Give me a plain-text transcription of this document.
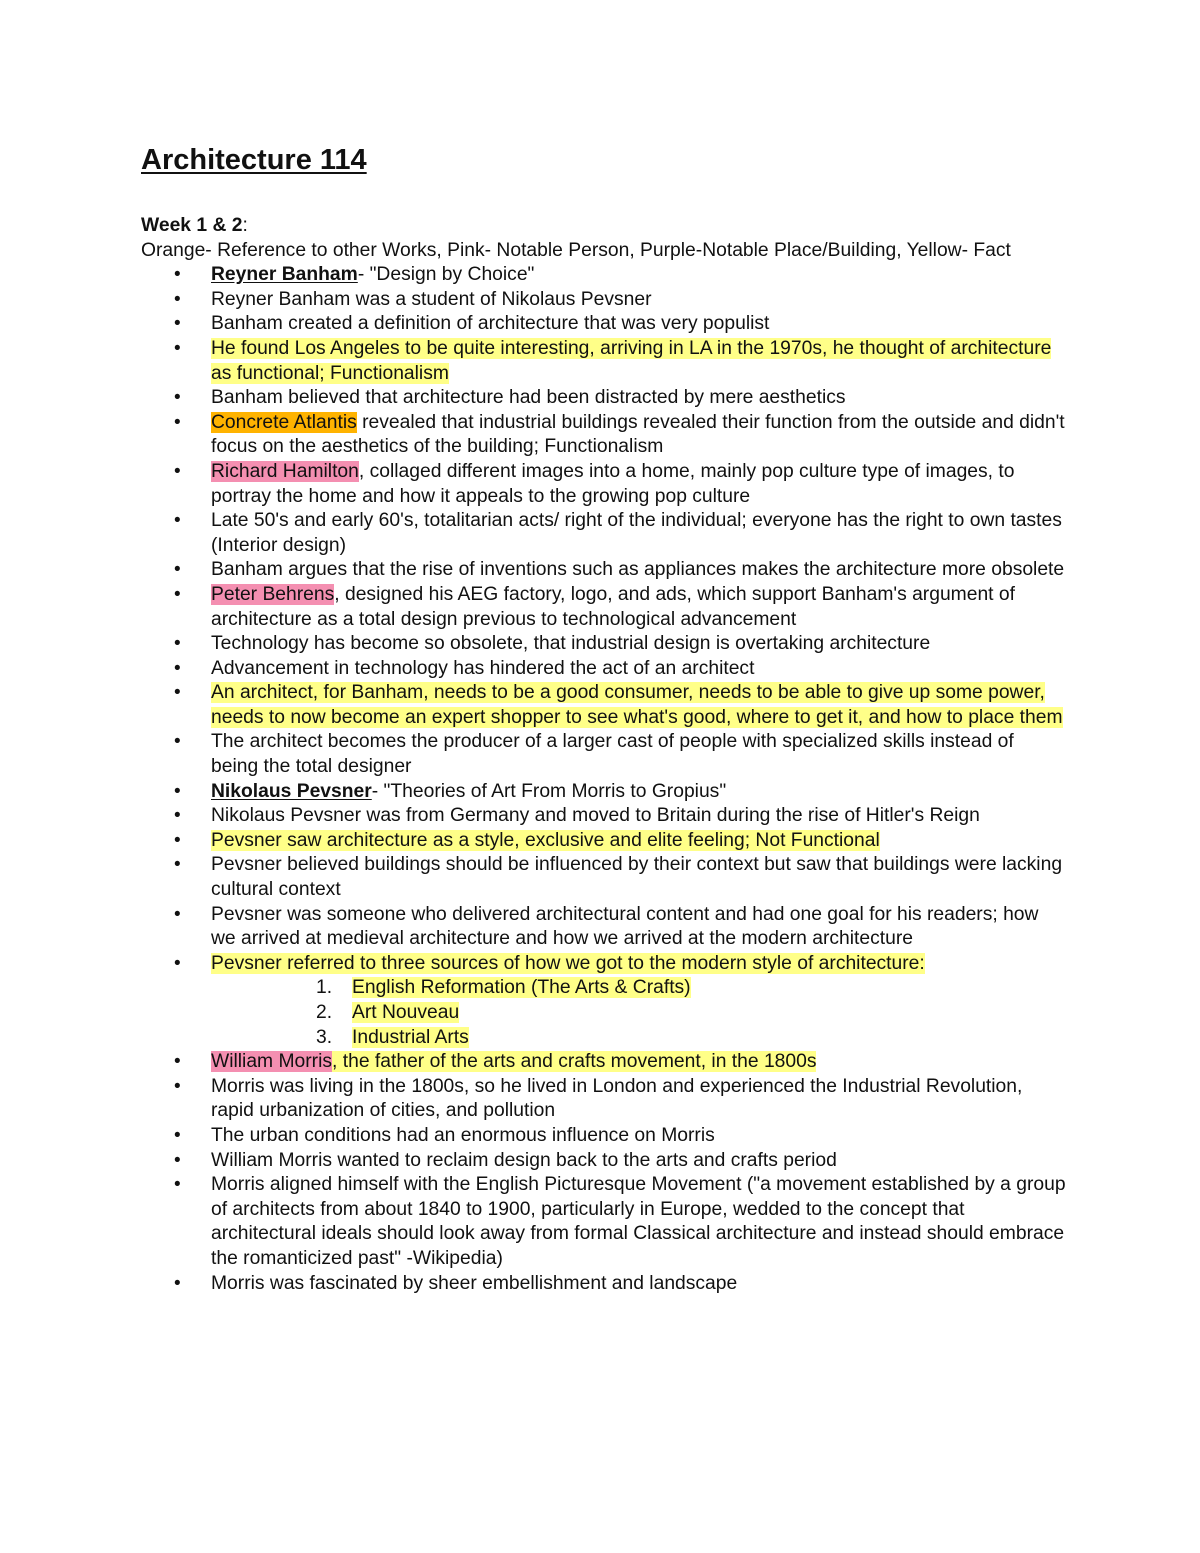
Architecture 114
Week 1 & 2:
Orange- Reference to other Works, Pink- Notable Person, Purple-Notable Place/Building, Yellow- Fact
• Reyner Banham- "Design by Choice"
• Reyner Banham was a student of Nikolaus Pevsner
• Banham created a definition of architecture that was very populist
• He found Los Angeles to be quite interesting, arriving in LA in the 1970s, he thought of architecture as functional; Functionalism
• Banham believed that architecture had been distracted by mere aesthetics
• Concrete Atlantis revealed that industrial buildings revealed their function from the outside and didn't focus on the aesthetics of the building; Functionalism
• Richard Hamilton, collaged different images into a home, mainly pop culture type of images, to portray the home and how it appeals to the growing pop culture
• Late 50's and early 60's, totalitarian acts/ right of the individual; everyone has the right to own tastes (Interior design)
• Banham argues that the rise of inventions such as appliances makes the architecture more obsolete
• Peter Behrens, designed his AEG factory, logo, and ads, which support Banham's argument of architecture as a total design previous to technological advancement
• Technology has become so obsolete, that industrial design is overtaking architecture
• Advancement in technology has hindered the act of an architect
• An architect, for Banham, needs to be a good consumer, needs to be able to give up some power, needs to now become an expert shopper to see what's good, where to get it, and how to place them
• The architect becomes the producer of a larger cast of people with specialized skills instead of being the total designer
• Nikolaus Pevsner- "Theories of Art From Morris to Gropius"
• Nikolaus Pevsner was from Germany and moved to Britain during the rise of Hitler's Reign
• Pevsner saw architecture as a style, exclusive and elite feeling; Not Functional
• Pevsner believed buildings should be influenced by their context but saw that buildings were lacking cultural context
• Pevsner was someone who delivered architectural content and had one goal for his readers; how we arrived at medieval architecture and how we arrived at the modern architecture
• Pevsner referred to three sources of how we got to the modern style of architecture:
1. English Reformation (The Arts & Crafts)
2. Art Nouveau
3. Industrial Arts
• William Morris, the father of the arts and crafts movement, in the 1800s
• Morris was living in the 1800s, so he lived in London and experienced the Industrial Revolution, rapid urbanization of cities, and pollution
• The urban conditions had an enormous influence on Morris
• William Morris wanted to reclaim design back to the arts and crafts period
• Morris aligned himself with the English Picturesque Movement ("a movement established by a group of architects from about 1840 to 1900, particularly in Europe, wedded to the concept that architectural ideals should look away from formal Classical architecture and instead should embrace the romanticized past" -Wikipedia)
• Morris was fascinated by sheer embellishment and landscape
